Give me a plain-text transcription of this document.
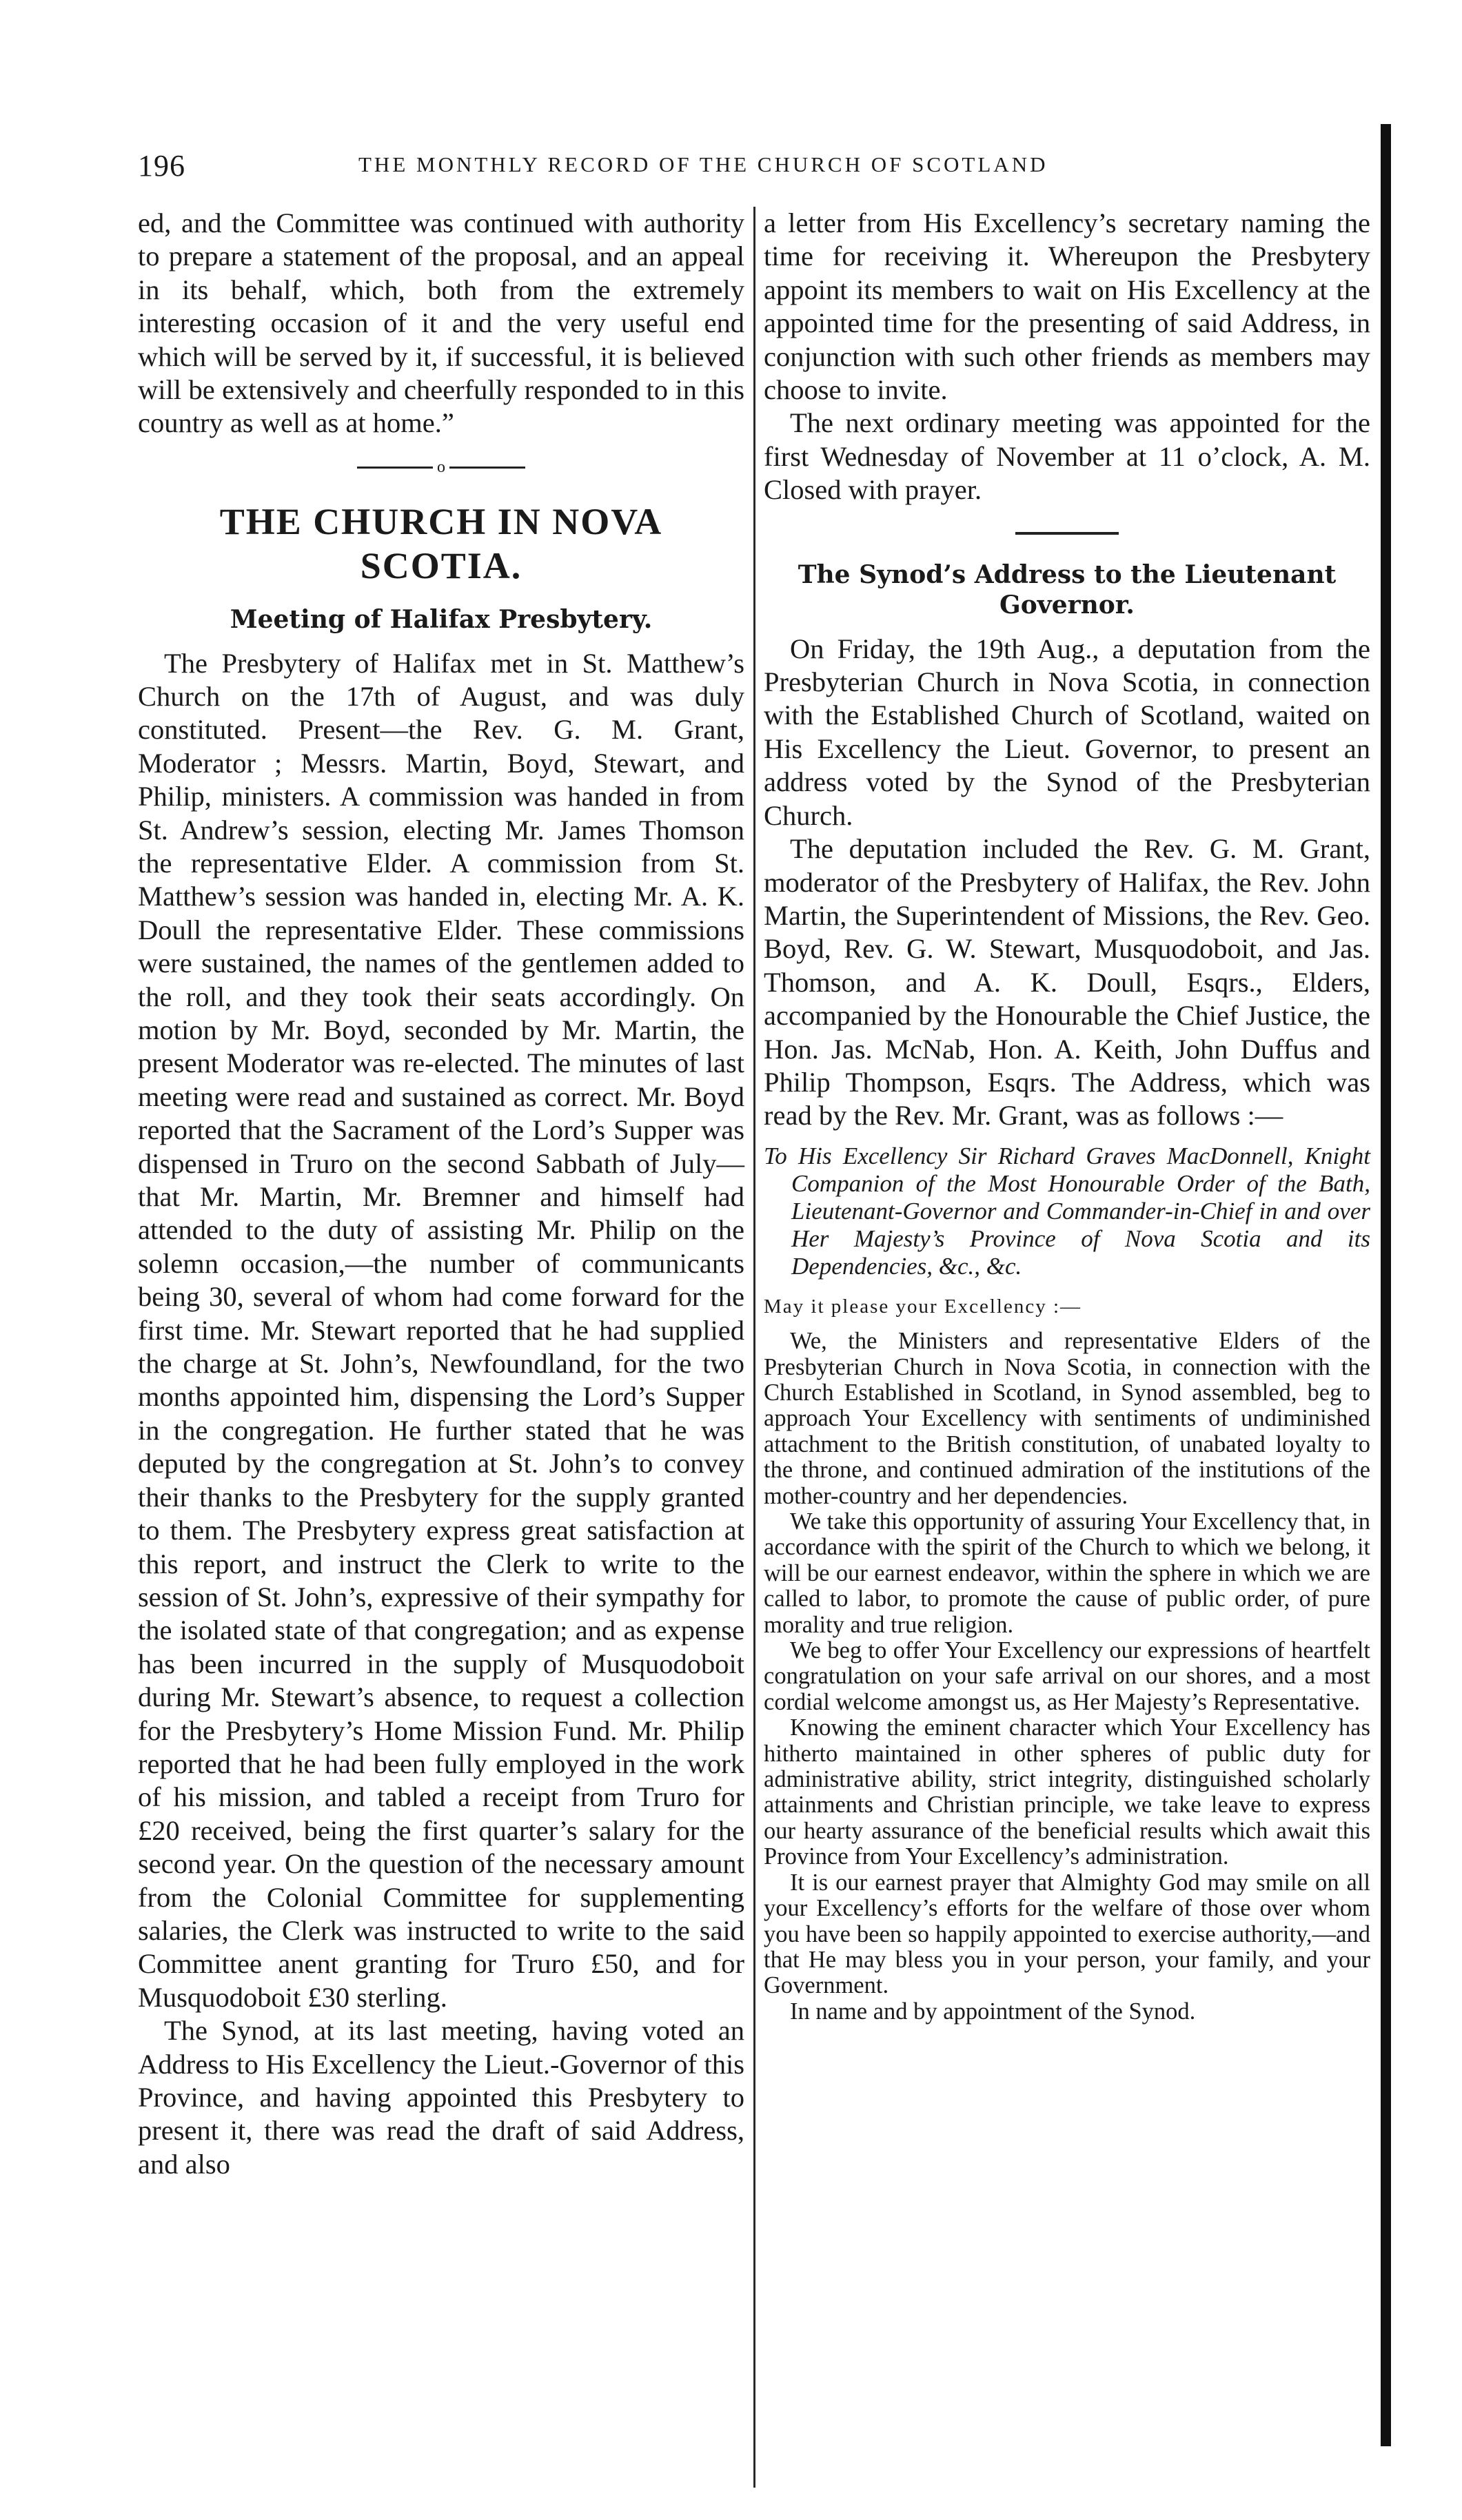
196	THE MONTHLY RECORD OF THE CHURCH OF SCOTLAND

ed, and the Committee was continued with authority to prepare a statement of the proposal, and an appeal in its behalf, which, both from the extremely interesting occasion of it and the very useful end which will be served by it, if successful, it is believed will be extensively and cheerfully responded to in this country as well as at home.”

o
THE CHURCH IN NOVA SCOTIA.
Meeting of Halifax Presbytery.

The Presbytery of Halifax met in St. Matthew’s Church on the 17th of August, and was duly constituted. Present—the Rev. G. M. Grant, Moderator ; Messrs. Martin, Boyd, Stewart, and Philip, ministers. A commission was handed in from St. Andrew’s session, electing Mr. James Thomson the representative Elder. A commission from St. Matthew’s session was handed in, electing Mr. A. K. Doull the representative Elder. These commissions were sustained, the names of the gentlemen added to the roll, and they took their seats accordingly. On motion by Mr. Boyd, seconded by Mr. Martin, the present Moderator was re-elected. The minutes of last meeting were read and sustained as correct. Mr. Boyd reported that the Sacrament of the Lord’s Supper was dispensed in Truro on the second Sabbath of July—that Mr. Martin, Mr. Bremner and himself had attended to the duty of assisting Mr. Philip on the solemn occasion,—the number of communicants being 30, several of whom had come forward for the first time. Mr. Stewart reported that he had supplied the charge at St. John’s, Newfoundland, for the two months appointed him, dispensing the Lord’s Supper in the congregation. He further stated that he was deputed by the congregation at St. John’s to convey their thanks to the Presbytery for the supply granted to them. The Presbytery express great satisfaction at this report, and instruct the Clerk to write to the session of St. John’s, expressive of their sympathy for the isolated state of that congregation; and as expense has been incurred in the supply of Musquodoboit during Mr. Stewart’s absence, to request a collection for the Presbytery’s Home Mission Fund. Mr. Philip reported that he had been fully employed in the work of his mission, and tabled a receipt from Truro for £20 received, being the first quarter’s salary for the second year. On the question of the necessary amount from the Colonial Committee for supplementing salaries, the Clerk was instructed to write to the said Committee anent granting for Truro £50, and for Musquodoboit £30 sterling.

The Synod, at its last meeting, having voted an Address to His Excellency the Lieut.-Governor of this Province, and having appointed this Presbytery to present it, there was read the draft of said Address, and also

a letter from His Excellency’s secretary naming the time for receiving it. Whereupon the Presbytery appoint its members to wait on His Excellency at the appointed time for the presenting of said Address, in conjunction with such other friends as members may choose to invite.

The next ordinary meeting was appointed for the first Wednesday of November at 11 o’clock, A. M. Closed with prayer.

The Synod’s Address to the Lieutenant Governor.

On Friday, the 19th Aug., a deputation from the Presbyterian Church in Nova Scotia, in connection with the Established Church of Scotland, waited on His Excellency the Lieut. Governor, to present an address voted by the Synod of the Presbyterian Church.

The deputation included the Rev. G. M. Grant, moderator of the Presbytery of Halifax, the Rev. John Martin, the Superintendent of Missions, the Rev. Geo. Boyd, Rev. G. W. Stewart, Musquodoboit, and Jas. Thomson, and A. K. Doull, Esqrs., Elders, accompanied by the Honourable the Chief Justice, the Hon. Jas. McNab, Hon. A. Keith, John Duffus and Philip Thompson, Esqrs. The Address, which was read by the Rev. Mr. Grant, was as follows :—

To His Excellency Sir Richard Graves MacDonnell, Knight Companion of the Most Honourable Order of the Bath, Lieutenant-Governor and Commander-in-Chief in and over Her Majesty’s Province of Nova Scotia and its Dependencies, &c., &c.

May it please your Excellency :—

We, the Ministers and representative Elders of the Presbyterian Church in Nova Scotia, in connection with the Church Established in Scotland, in Synod assembled, beg to approach Your Excellency with sentiments of undiminished attachment to the British constitution, of unabated loyalty to the throne, and continued admiration of the institutions of the mother-country and her dependencies.

We take this opportunity of assuring Your Excellency that, in accordance with the spirit of the Church to which we belong, it will be our earnest endeavor, within the sphere in which we are called to labor, to promote the cause of public order, of pure morality and true religion.

We beg to offer Your Excellency our expressions of heartfelt congratulation on your safe arrival on our shores, and a most cordial welcome amongst us, as Her Majesty’s Representative.

Knowing the eminent character which Your Excellency has hitherto maintained in other spheres of public duty for administrative ability, strict integrity, distinguished scholarly attainments and Christian principle, we take leave to express our hearty assurance of the beneficial results which await this Province from Your Excellency’s administration.

It is our earnest prayer that Almighty God may smile on all your Excellency’s efforts for the welfare of those over whom you have been so happily appointed to exercise authority,—and that He may bless you in your person, your family, and your Government.

In name and by appointment of the Synod.
